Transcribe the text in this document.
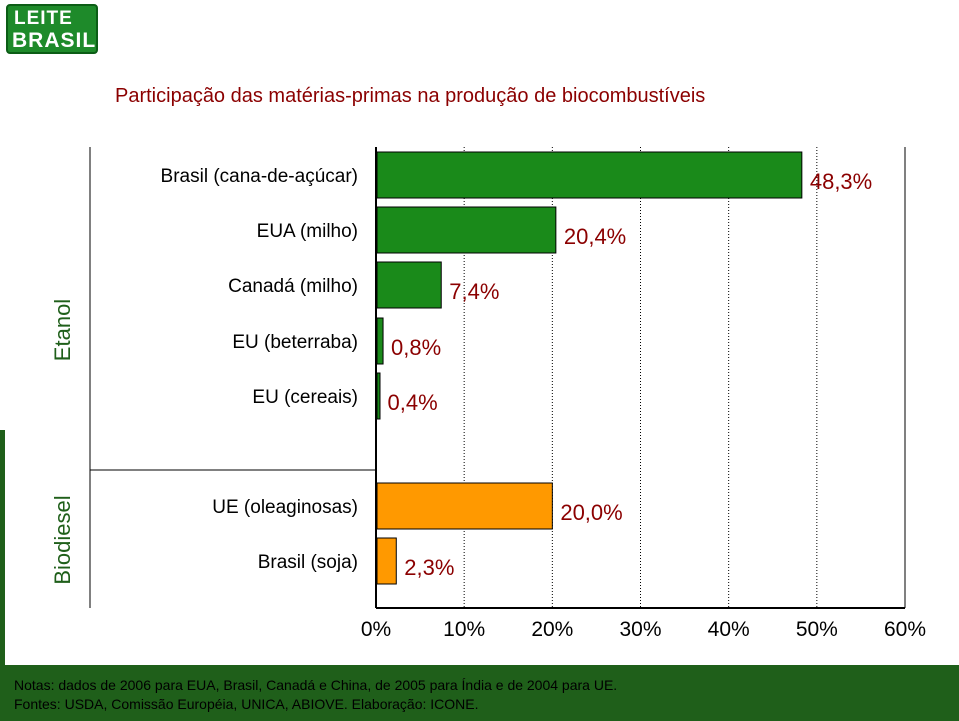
LEITE
BRASIL
Participação das matérias-primas na produção de biocombustíveis
0% 10% 20% 30% 40% 50% 60%
Etanol
Brasil (cana-de-açúcar)	48,3%
EUA (milho)	20,4%
Canadá (milho)	7,4%
EU (beterraba) 0,8%
EU (cereais) 0,4%
Biodiesel	UE (oleaginosas)	20,0%
Brasil (soja) 2,3%
Notas: dados de 2006 para EUA, Brasil, Canadá e China, de 2005 para Índia e de 2004 para UE.
Fontes: USDA, Comissão Européia, UNICA, ABIOVE. Elaboração: ICONE.
